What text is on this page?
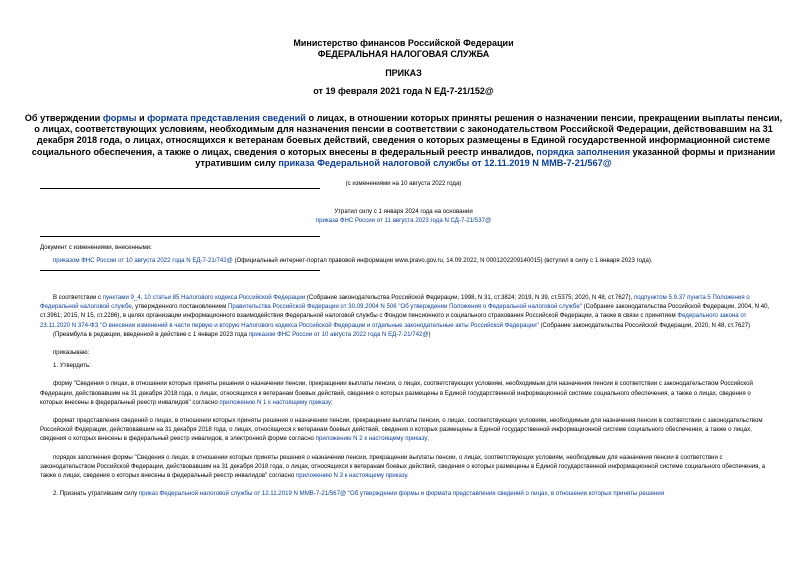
Министерство финансов Российской Федерации
ФЕДЕРАЛЬНАЯ НАЛОГОВАЯ СЛУЖБА
ПРИКАЗ
от 19 февраля 2021 года N ЕД-7-21/152@
Об утверждении формы и формата представления сведений о лицах, в отношении которых приняты решения о назначении пенсии, прекращении выплаты пенсии, о лицах, соответствующих условиям, необходимым для назначения пенсии в соответствии с законодательством Российской Федерации, действовавшим на 31 декабря 2018 года, о лицах, относящихся к ветеранам боевых действий, сведения о которых размещены в Единой государственной информационной системе социального обеспечения, а также о лицах, сведения о которых внесены в федеральный реестр инвалидов, порядка заполнения указанной формы и признании утратившим силу приказа Федеральной налоговой службы от 12.11.2019 N ММВ-7-21/567@
(с изменениями на 10 августа 2022 года)
Утратил силу с 1 января 2024 года на основании
приказа ФНС России от 11 августа 2023 года N СД-7-21/537@
Документ с изменениями, внесенными:
приказом ФНС России от 10 августа 2022 года N ЕД-7-21/742@ (Официальный интернет-портал правовой информации www.pravo.gov.ru, 14.09.2022, N 0001202209140015) (вступил в силу с 1 января 2023 года).

В соответствии с пунктами 9_4, 10 статьи 85 Налогового кодекса Российской Федерации (Собрание законодательства Российской Федерации, 1998, N 31, ст.3824; 2019, N 39, ст.5375; 2020, N 48, ст.7627), подпунктом 5.9.37 пункта 5 Положения о Федеральной налоговой службе, утвержденного постановлением Правительства Российской Федерации от 30.09.2004 N 506 "Об утверждении Положения о Федеральной налоговой службе" (Собрание законодательства Российской Федерации, 2004, N 40, ст.3961; 2015, N 15, ст.2286), в целях организации информационного взаимодействия Федеральной налоговой службы с Фондом пенсионного и социального страхования Российской Федерации, а также в связи с принятием Федерального закона от 23.11.2020 N 374-ФЗ "О внесении изменений в части первую и вторую Налогового кодекса Российской Федерации и отдельные законодательные акты Российской Федерации" (Собрание законодательства Российской Федерации, 2020, N 48, ст.7627)

(Преамбула в редакции, введенной в действие с 1 января 2023 года приказом ФНС России от 10 августа 2022 года N ЕД-7-21/742@)

приказываю:

1. Утвердить:

форму "Сведения о лицах, в отношении которых приняты решения о назначении пенсии, прекращении выплаты пенсии, о лицах, соответствующих условиям, необходимым для назначения пенсии в соответствии с законодательством Российской Федерации, действовавшим на 31 декабря 2018 года, о лицах, относящихся к ветеранам боевых действий, сведения о которых размещены в Единой государственной информационной системе социального обеспечения, а также о лицах, сведения о которых внесены в федеральный реестр инвалидов" согласно приложению N 1 к настоящему приказу;

формат представления сведений о лицах, в отношении которых приняты решения о назначении пенсии, прекращении выплаты пенсии, о лицах, соответствующих условиям, необходимым для назначения пенсии в соответствии с законодательством Российской Федерации, действовавшим на 31 декабря 2018 года, о лицах, относящихся к ветеранам боевых действий, сведения о которых размещены в Единой государственной информационной системе социального обеспечения, а также о лицах, сведения о которых внесены в федеральный реестр инвалидов, в электронной форме согласно приложению N 2 к настоящему приказу;

порядок заполнения формы "Сведения о лицах, в отношении которых приняты решения о назначении пенсии, прекращении выплаты пенсии, о лицах, соответствующих условиям, необходимым для назначения пенсии в соответствии с законодательством Российской Федерации, действовавшим на 31 декабря 2018 года, о лицах, относящихся к ветеранам боевых действий, сведения о которых размещены в Единой государственной информационной системе социального обеспечения, а также о лицах, сведения о которых внесены в федеральный реестр инвалидов" согласно приложению N 3 к настоящему приказу.

2. Признать утратившим силу приказ Федеральной налоговой службы от 12.11.2019 N ММВ-7-21/567@ "Об утверждении формы и формата представления сведений о лицах, в отношении которых приняты решения
